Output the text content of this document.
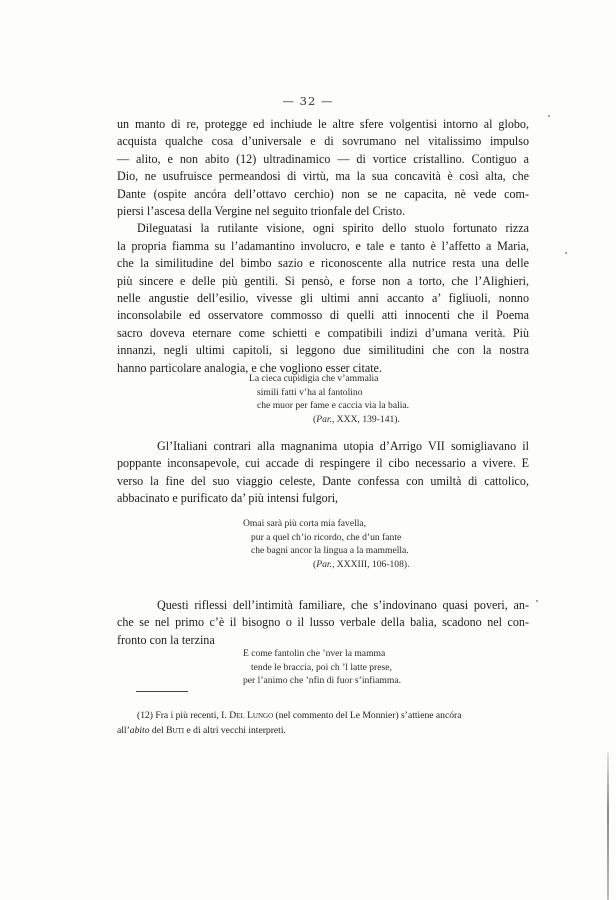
— 32 —

un manto di re, protegge ed inchiude le altre sfere volgentisi intorno al globo,
acquista qualche cosa d’universale e di sovrumano nel vitalissimo impulso
— alito, e non abito (12) ultradinamico — di vortice cristallino. Contiguo a
Dio, ne usufruisce permeandosi di virtù, ma la sua concavità è così alta, che
Dante (ospite ancóra dell’ottavo cerchio) non se ne capacita, nè vede com-
piersi l’ascesa della Vergine nel seguito trionfale del Cristo.

Dileguatasi la rutilante visione, ogni spirito dello stuolo fortunato rizza
la propria fiamma su l’adamantino involucro, e tale e tanto è l’affetto a Maria,
che la similitudine del bimbo sazio e riconoscente alla nutrice resta una delle
più sincere e delle più gentili. Si pensò, e forse non a torto, che l’Alighieri,
nelle angustie dell’esilio, vivesse gli ultimi anni accanto a’ figliuoli, nonno
inconsolabile ed osservatore commosso di quelli atti innocenti che il Poema
sacro doveva eternare come schietti e compatibili indizi d’umana verità. Più
innanzi, negli ultimi capitoli, si leggono due similitudini che con la nostra
hanno particolare analogia, e che vogliono esser citate.

La cieca cupidigia che v’ammalia
simili fatti v’ha al fantolino
che muor per fame e caccia via la balia.
(Par., XXX, 139-141).
Gl’Italiani contrari alla magnanima utopia d’Arrigo VII somigliavano il
poppante inconsapevole, cui accade di respingere il cibo necessario a vivere. E
verso la fine del suo viaggio celeste, Dante confessa con umiltà di cattolico,
abbacinato e purificato da’ più intensi fulgori,
Omai sarà più corta mia favella,
pur a quel ch’io ricordo, che d’un fante
che bagni ancor la lingua a la mammella.
(Par., XXXIII, 106-108).
Questi riflessi dell’intimità familiare, che s’indovinano quasi poveri, an-
che se nel primo c’è il bisogno o il lusso verbale della balia, scadono nel con-
fronto con la terzina
E come fantolin che ’nver la mamma
tende le braccia, poi ch ’l latte prese,
per l’animo che ’nfin di fuor s’infiamma.
(12) Fra i più recenti, I. Del Lungo (nel commento del Le Monnier) s’attiene ancóra
all’abito del Buti e di altri vecchi interpreti.
